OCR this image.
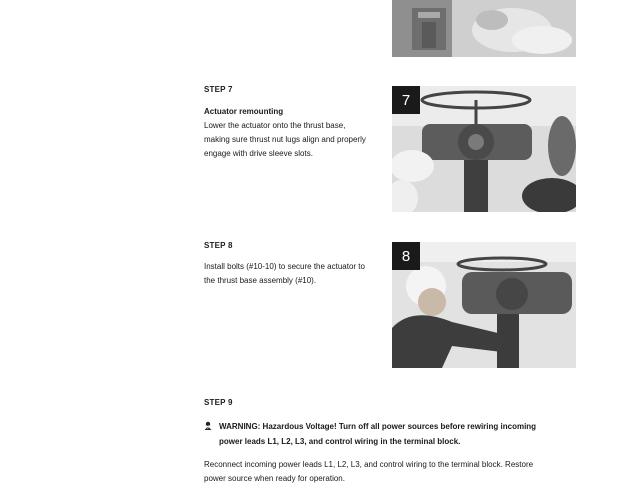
STEP 7
Actuator remounting
Lower the actuator onto the thrust base,
making sure thrust nut lugs align and properly
engage with drive sleeve slots.
7
STEP 8
Install bolts (#10-10) to secure the actuator to
the thrust base assembly (#10).
8
STEP 9
WARNING: Hazardous Voltage! Turn off all power sources before rewiring incoming
power leads L1, L2, L3, and control wiring in the terminal block.
Reconnect incoming power leads L1, L2, L3, and control wiring to the terminal block. Restore
power source when ready for operation.
